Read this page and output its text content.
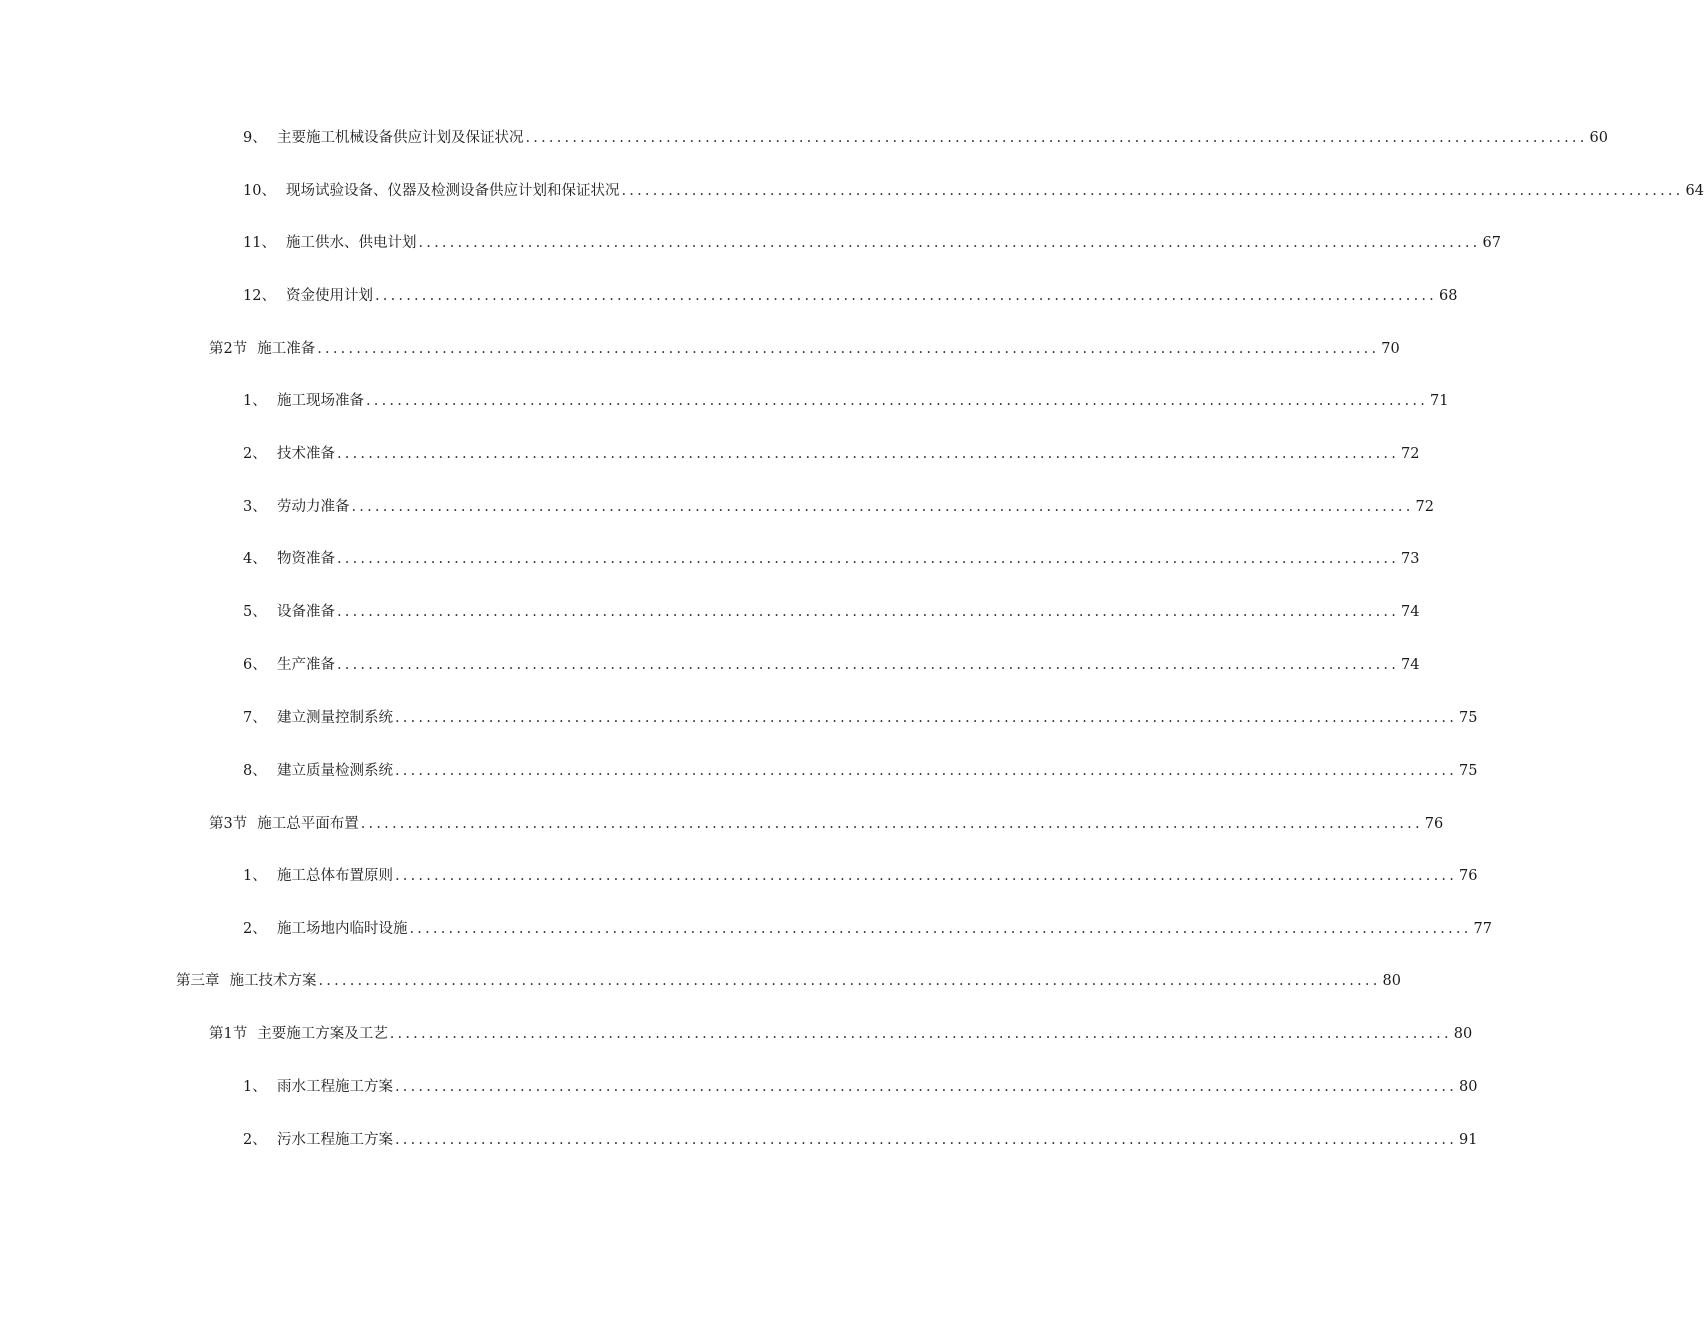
9、 主要施工机械设备供应计划及保证状况 ........................................................................................................................................ 60
10、 现场试验设备、仪器及检测设备供应计划和保证状况 ........................................................................................................................................ 64
11、 施工供水、供电计划 ........................................................................................................................................ 67
12、 资金使用计划 ........................................................................................................................................ 68
第2节 施工准备 ........................................................................................................................................ 70
1、 施工现场准备 ........................................................................................................................................ 71
2、 技术准备 ........................................................................................................................................ 72
3、 劳动力准备 ........................................................................................................................................ 72
4、 物资准备 ........................................................................................................................................ 73
5、 设备准备 ........................................................................................................................................ 74
6、 生产准备 ........................................................................................................................................ 74
7、 建立测量控制系统 ........................................................................................................................................ 75
8、 建立质量检测系统 ........................................................................................................................................ 75
第3节 施工总平面布置 ........................................................................................................................................ 76
1、 施工总体布置原则 ........................................................................................................................................ 76
2、 施工场地内临时设施 ........................................................................................................................................ 77
第三章 施工技术方案 ........................................................................................................................................ 80
第1节 主要施工方案及工艺 ........................................................................................................................................ 80
1、 雨水工程施工方案 ........................................................................................................................................ 80
2、 污水工程施工方案 ........................................................................................................................................ 91
